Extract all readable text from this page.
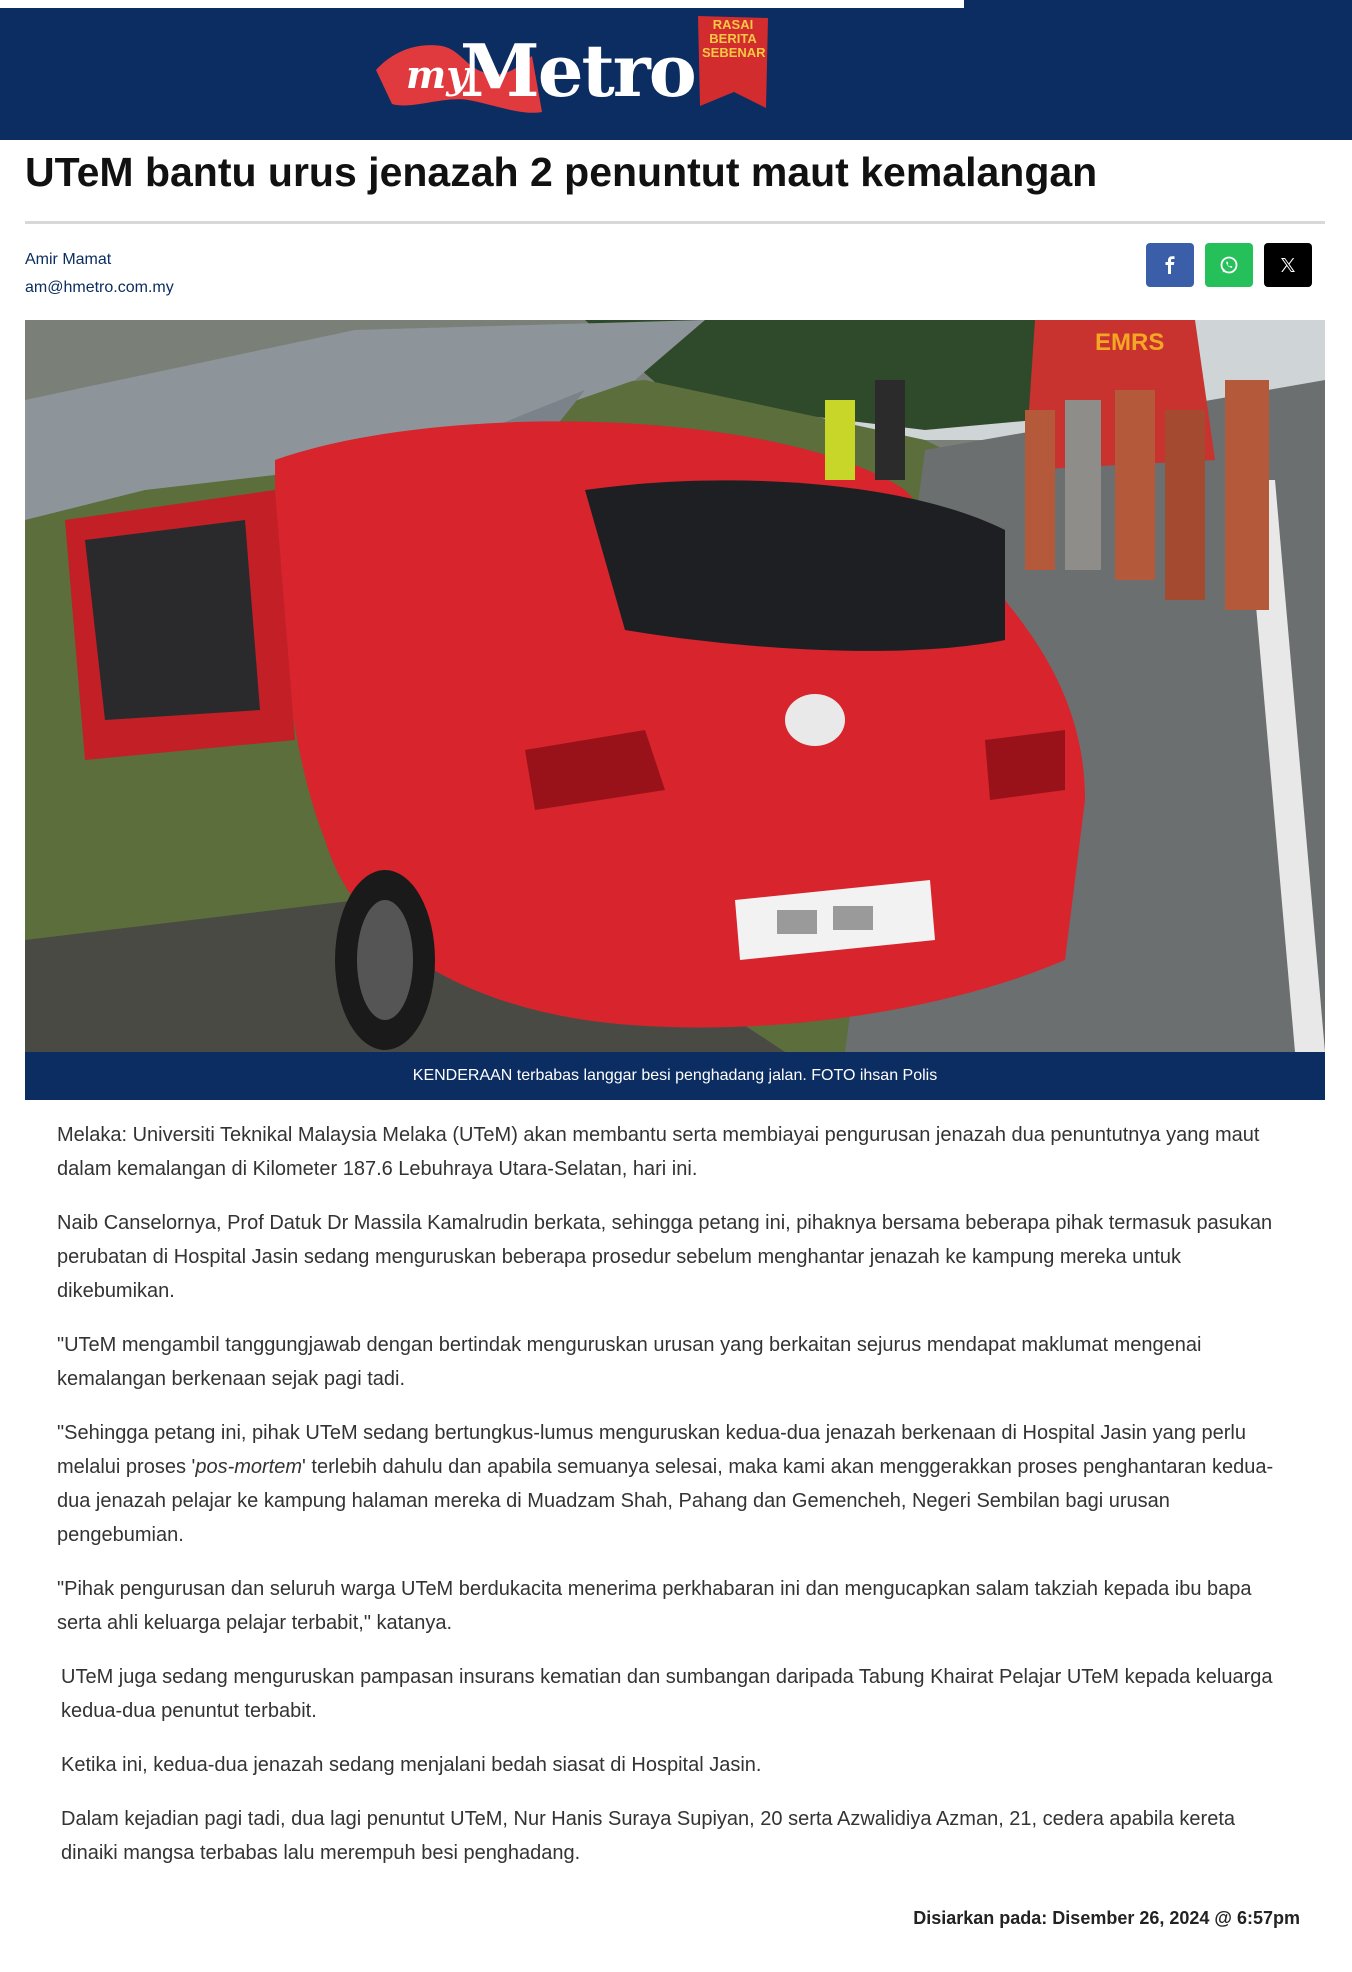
my
Metro
RASAI
BERITA
SEBENAR
UTeM bantu urus jenazah 2 penuntut maut kemalangan
Amir Mamat
am@hmetro.com.my
EMRS
KENDERAAN terbabas langgar besi penghadang jalan. FOTO ihsan Polis

Melaka: Universiti Teknikal Malaysia Melaka (UTeM) akan membantu serta membiayai pengurusan jenazah dua penuntutnya yang maut dalam kemalangan di Kilometer 187.6 Lebuhraya Utara-Selatan, hari ini.

Naib Canselornya, Prof Datuk Dr Massila Kamalrudin berkata, sehingga petang ini, pihaknya bersama beberapa pihak termasuk pasukan perubatan di Hospital Jasin sedang menguruskan beberapa prosedur sebelum menghantar jenazah ke kampung mereka untuk dikebumikan.

"UTeM mengambil tanggungjawab dengan bertindak menguruskan urusan yang berkaitan sejurus mendapat maklumat mengenai kemalangan berkenaan sejak pagi tadi.

"Sehingga petang ini, pihak UTeM sedang bertungkus-lumus menguruskan kedua-dua jenazah berkenaan di Hospital Jasin yang perlu melalui proses 'pos-mortem' terlebih dahulu dan apabila semuanya selesai, maka kami akan menggerakkan proses penghantaran kedua-dua jenazah pelajar ke kampung halaman mereka di Muadzam Shah, Pahang dan Gemencheh, Negeri Sembilan bagi urusan pengebumian.

"Pihak pengurusan dan seluruh warga UTeM berdukacita menerima perkhabaran ini dan mengucapkan salam takziah kepada ibu bapa serta ahli keluarga pelajar terbabit," katanya.

UTeM juga sedang menguruskan pampasan insurans kematian dan sumbangan daripada Tabung Khairat Pelajar UTeM kepada keluarga kedua-dua penuntut terbabit.

Ketika ini, kedua-dua jenazah sedang menjalani bedah siasat di Hospital Jasin.

Dalam kejadian pagi tadi, dua lagi penuntut UTeM, Nur Hanis Suraya Supiyan, 20 serta Azwalidiya Azman, 21, cedera apabila kereta dinaiki mangsa terbabas lalu merempuh besi penghadang.

Disiarkan pada: Disember 26, 2024 @ 6:57pm
